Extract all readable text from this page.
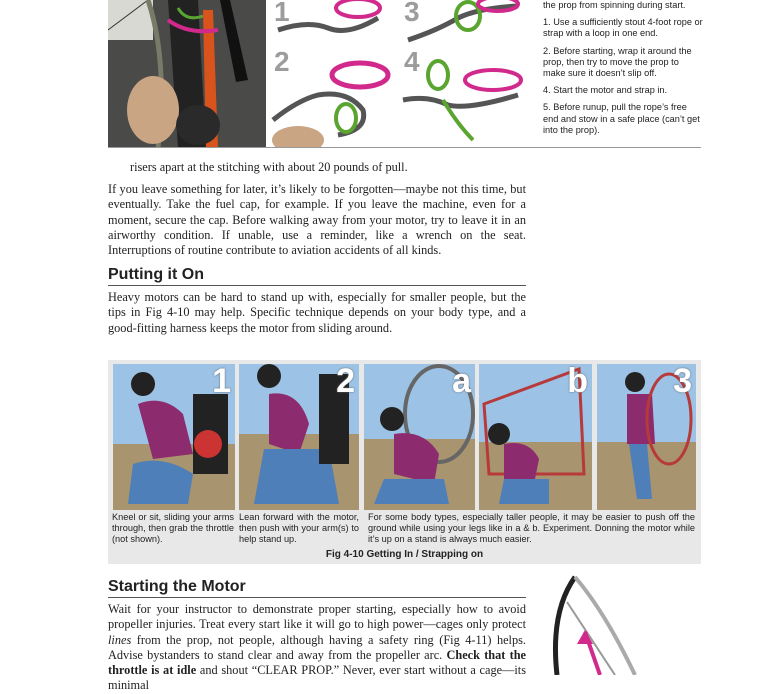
1	3
2	4

the prop from spinning during start.

1. Use a sufficiently stout 4-foot rope or strap with a loop in one end.

2. Before starting, wrap it around the prop, then try to move the prop to make sure it doesn’t slip off.

4. Start the motor and strap in.

5. Before runup, pull the rope’s free end and stow in a safe place (can’t get into the prop).

risers apart at the stitching with about 20 pounds of pull.
If you leave something for later, it’s likely to be forgotten—maybe not this time, but eventually. Take the fuel cap, for example. If you leave the machine, even for a moment, secure the cap. Before walking away from your motor, try to leave it in an airworthy condition. If unable, use a reminder, like a wrench on the seat. Interruptions of routine contribute to aviation accidents of all kinds.
Putting it On
Heavy motors can be hard to stand up with, especially for smaller people, but the tips in Fig 4-10 may help. Specific technique depends on your body type, and a good-fitting harness keeps the motor from sliding around.
1	2	a	b	3
Kneel or sit, sliding your arms through, then grab the throttle (not shown).
Lean forward with the motor, then push with your arm(s) to help stand up.
For some body types, especially taller people, it may be easier to push off the ground while using your legs like in a & b. Experiment. Donning the motor while it’s up on a stand is always much easier.
Fig 4-10 Getting In / Strapping on
Starting the Motor
Wait for your instructor to demonstrate proper starting, especially how to avoid propeller injuries. Treat every start like it will go to high power—cages only protect lines from the prop, not people, although having a safety ring (Fig 4-11) helps. Advise bystanders to stand clear and away from the propeller arc. Check that the throttle is at idle and shout “CLEAR PROP.” Never, ever start without a cage—its minimal
